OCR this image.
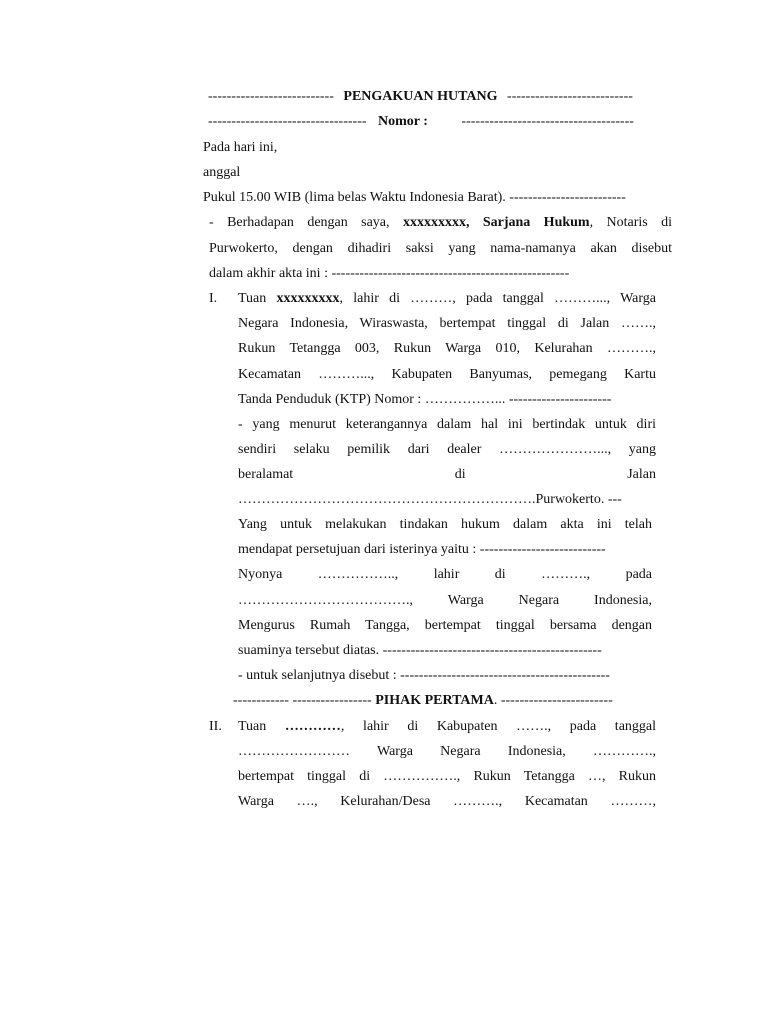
--------------------------- PENGAKUAN HUTANG ---------------------------
---------------------------------- Nomor : -------------------------------------
Pada hari ini,
anggal
Pukul 15.00 WIB (lima belas Waktu Indonesia Barat). -------------------------
- Berhadapan dengan saya, xxxxxxxxx, Sarjana Hukum, Notaris di
Purwokerto, dengan dihadiri saksi yang nama-namanya akan disebut
dalam akhir akta ini : ---------------------------------------------------
I. Tuan xxxxxxxxx, lahir di ………, pada tanggal ………..., Warga
Negara Indonesia, Wiraswasta, bertempat tinggal di Jalan …….,
Rukun Tetangga 003, Rukun Warga 010, Kelurahan ……….,
Kecamatan ………..., Kabupaten Banyumas, pemegang Kartu
Tanda Penduduk (KTP) Nomor : ……………... ----------------------
- yang menurut keterangannya dalam hal ini bertindak untuk diri
sendiri selaku pemilik dari dealer …………………..., yang
beralamat di Jalan
……………………………………………………….Purwokerto. ---
Yang untuk melakukan tindakan hukum dalam akta ini telah
mendapat persetujuan dari isterinya yaitu : ---------------------------
Nyonya …………….., lahir di ………., pada
………………………………., Warga Negara Indonesia,
Mengurus Rumah Tangga, bertempat tinggal bersama dengan
suaminya tersebut diatas. -----------------------------------------------
- untuk selanjutnya disebut : ---------------------------------------------
------------ ----------------- PIHAK PERTAMA. ------------------------
II. Tuan …………, lahir di Kabupaten ……., pada tanggal
…………………… Warga Negara Indonesia, ………….,
bertempat tinggal di ……………., Rukun Tetangga …, Rukun
Warga …., Kelurahan/Desa ………., Kecamatan ………,
